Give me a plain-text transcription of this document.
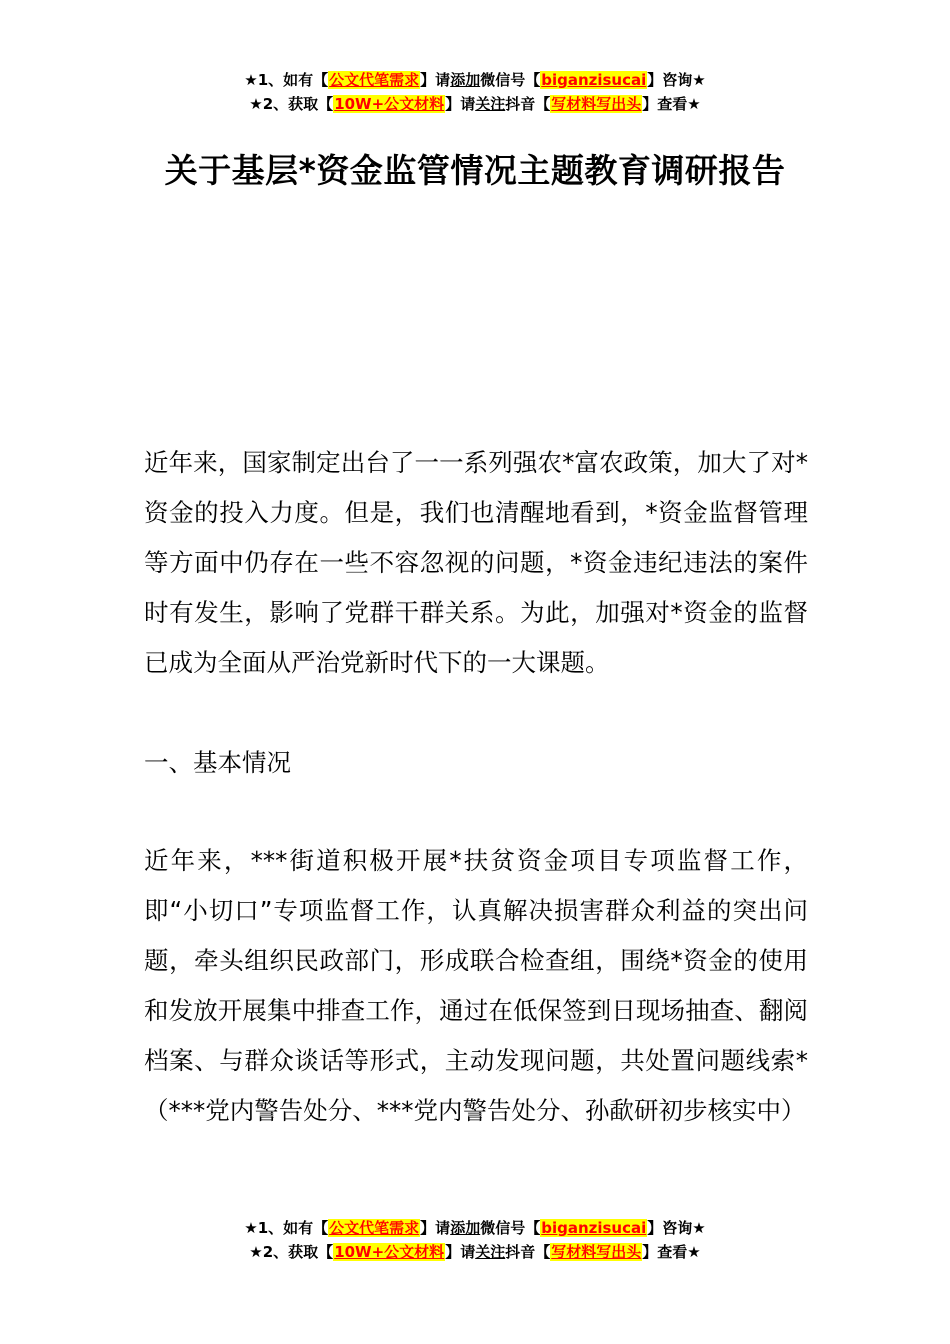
★1、如有【公文代笔需求】请添加微信号【biganzisucai】咨询★
★2、获取【10W+公文材料】请关注抖音【写材料写出头】查看★
关于基层*资金监管情况主题教育调研报告
近年来，国家制定出台了一一系列强农*富农政策，加大了对*资金的投入力度。但是，我们也清醒地看到，*资金监督管理等方面中仍存在一些不容忽视的问题，*资金违纪违法的案件时有发生，影响了党群干群关系。为此，加强对*资金的监督已成为全面从严治党新时代下的一大课题。
一、基本情况
近年来，***街道积极开展*扶贫资金项目专项监督工作，即“小切口”专项监督工作，认真解决损害群众利益的突出问题，牵头组织民政部门，形成联合检查组，围绕*资金的使用和发放开展集中排查工作，通过在低保签到日现场抽查、翻阅档案、与群众谈话等形式，主动发现问题，共处置问题线索*（***党内警告处分、***党内警告处分、孙歃研初步核实中）
★1、如有【公文代笔需求】请添加微信号【biganzisucai】咨询★
★2、获取【10W+公文材料】请关注抖音【写材料写出头】查看★
